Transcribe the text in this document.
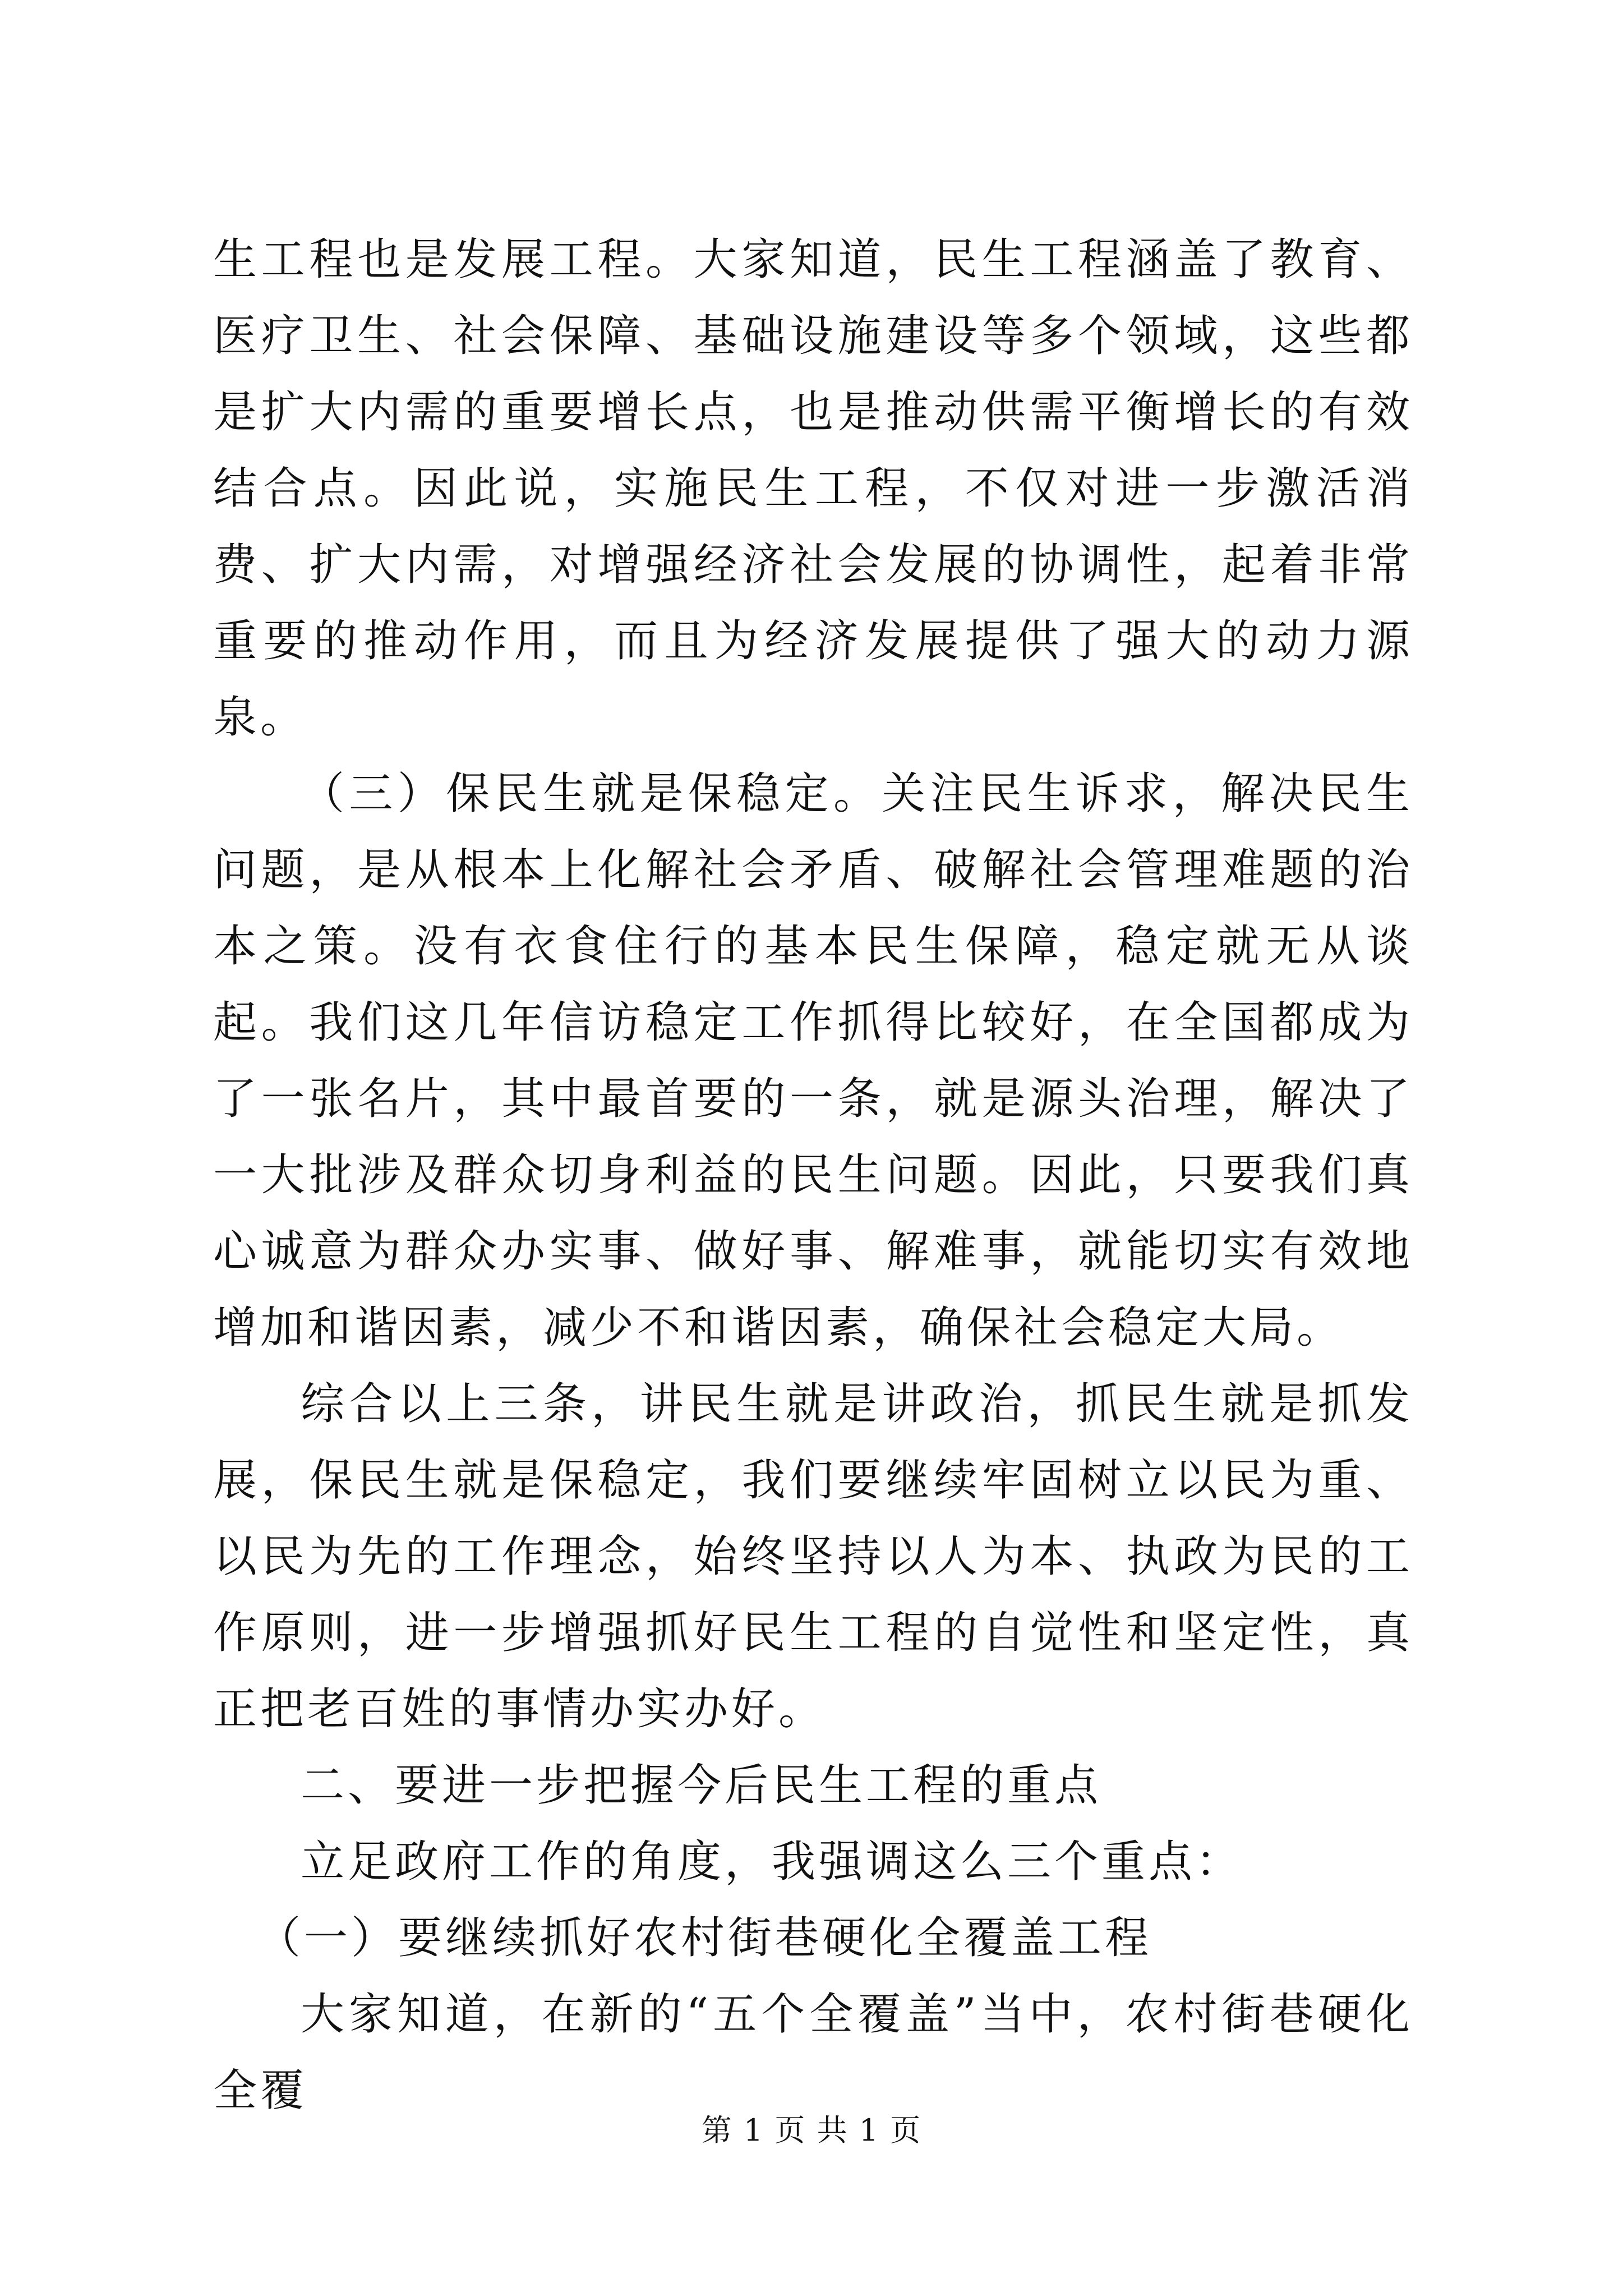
生工程也是发展工程。大家知道，民生工程涵盖了教育、医疗卫生、社会保障、基础设施建设等多个领域，这些都是扩大内需的重要增长点，也是推动供需平衡增长的有效结合点。因此说，实施民生工程，不仅对进一步激活消费、扩大内需，对增强经济社会发展的协调性，起着非常重要的推动作用，而且为经济发展提供了强大的动力源泉。

（三）保民生就是保稳定。关注民生诉求，解决民生问题，是从根本上化解社会矛盾、破解社会管理难题的治本之策。没有衣食住行的基本民生保障，稳定就无从谈起。我们这几年信访稳定工作抓得比较好，在全国都成为了一张名片，其中最首要的一条，就是源头治理，解决了一大批涉及群众切身利益的民生问题。因此，只要我们真心诚意为群众办实事、做好事、解难事，就能切实有效地增加和谐因素，减少不和谐因素，确保社会稳定大局。

综合以上三条，讲民生就是讲政治，抓民生就是抓发展，保民生就是保稳定，我们要继续牢固树立以民为重、以民为先的工作理念，始终坚持以人为本、执政为民的工作原则，进一步增强抓好民生工程的自觉性和坚定性，真正把老百姓的事情办实办好。

二、要进一步把握今后民生工程的重点

立足政府工作的角度，我强调这么三个重点：

（一）要继续抓好农村街巷硬化全覆盖工程

大家知道，在新的“五个全覆盖”当中，农村街巷硬化全覆

第 1 页 共 1 页
